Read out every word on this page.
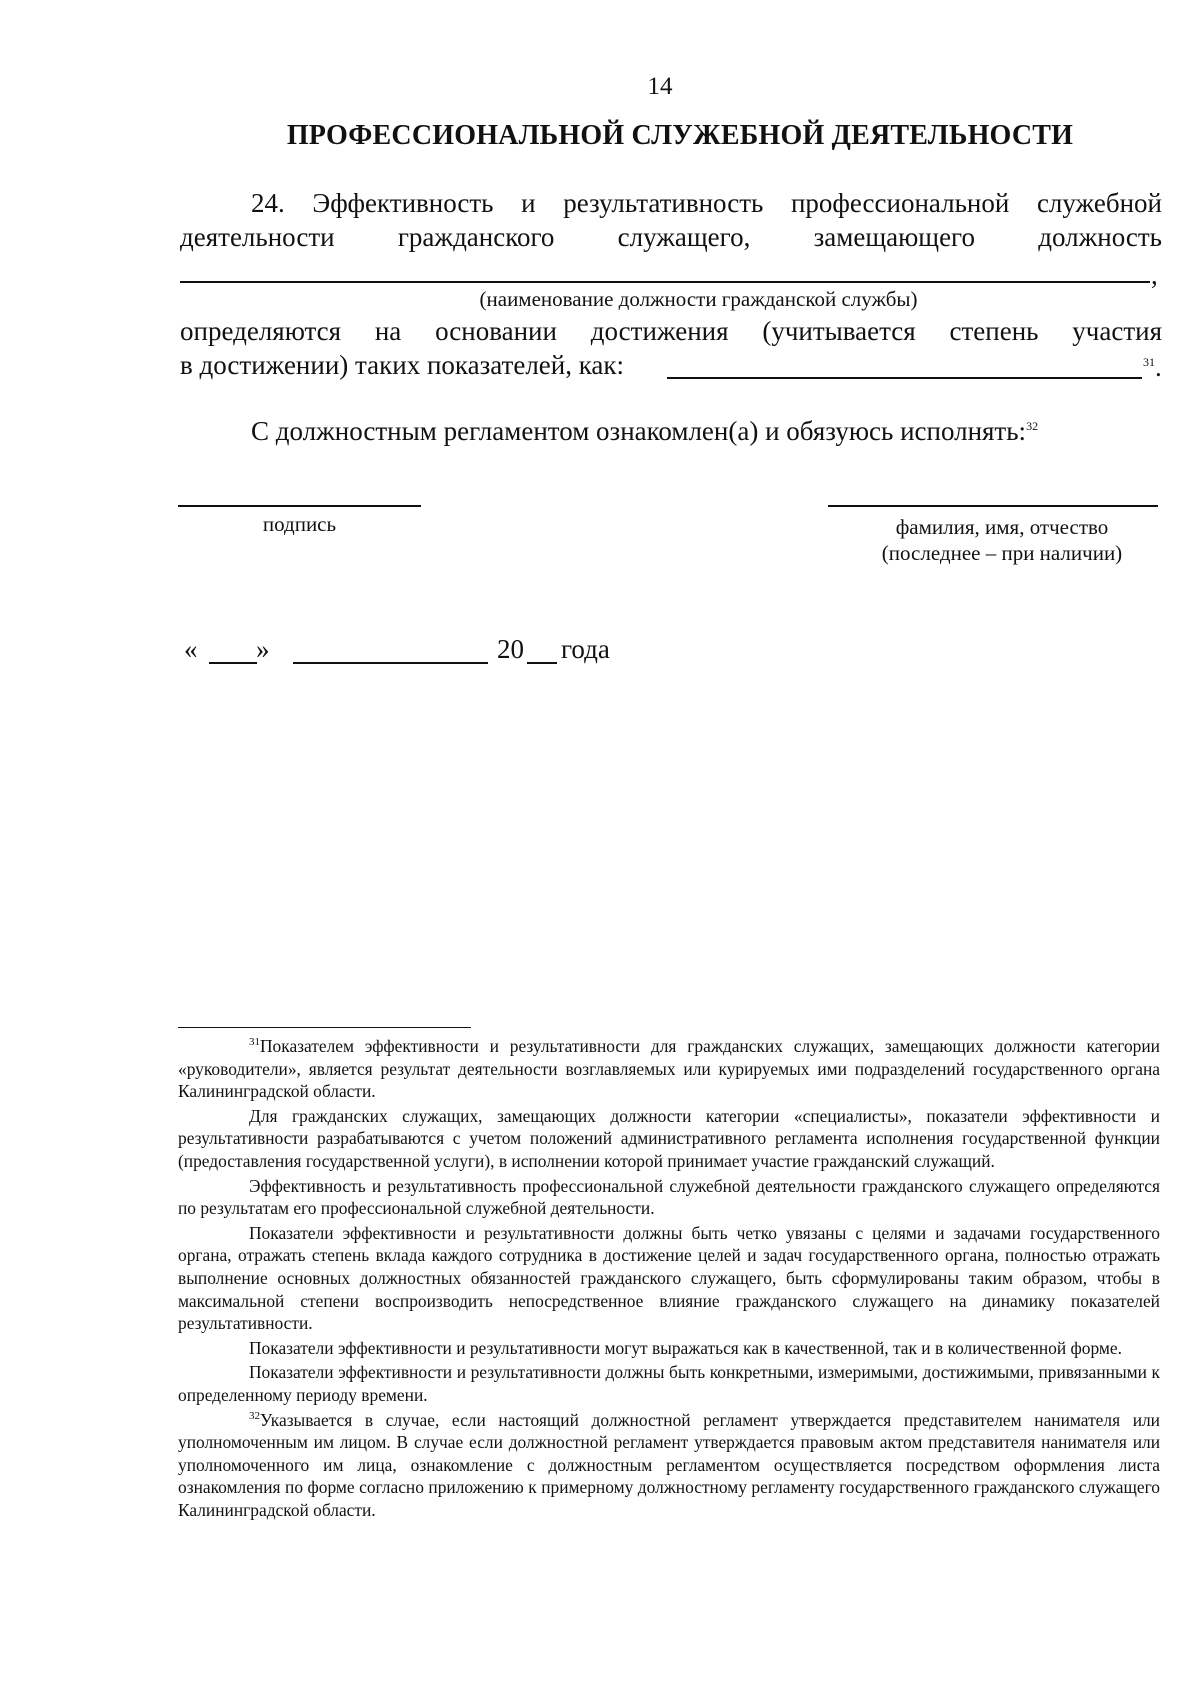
14
ПРОФЕССИОНАЛЬНОЙ СЛУЖЕБНОЙ ДЕЯТЕЛЬНОСТИ
24. Эффективность и результативность профессиональной служебной
деятельности гражданского служащего, замещающего должность
,
(наименование должности гражданской службы)
определяются на основании достижения (учитывается степень участия
в достижении) таких показателей, как:	$^{31}$.
С должностным регламентом ознакомлен(а) и обязуюсь исполнять:$^{32}$
подпись	фамилия, имя, отчество
(последнее – при наличии)
« »	20 года

$^{31}$Показателем эффективности и результативности для гражданских служащих, замещающих должности категории «руководители», является результат деятельности возглавляемых или курируемых ими подразделений государственного органа Калининградской области.

Для гражданских служащих, замещающих должности категории «специалисты», показатели эффективности и результативности разрабатываются с учетом положений административного регламента исполнения государственной функции (предоставления государственной услуги), в исполнении которой принимает участие гражданский служащий.

Эффективность и результативность профессиональной служебной деятельности гражданского служащего определяются по результатам его профессиональной служебной деятельности.

Показатели эффективности и результативности должны быть четко увязаны с целями и задачами государственного органа, отражать степень вклада каждого сотрудника в достижение целей и задач государственного органа, полностью отражать выполнение основных должностных обязанностей гражданского служащего, быть сформулированы таким образом, чтобы в максимальной степени воспроизводить непосредственное влияние гражданского служащего на динамику показателей результативности.

Показатели эффективности и результативности могут выражаться как в качественной, так и в количественной форме.

Показатели эффективности и результативности должны быть конкретными, измеримыми, достижимыми, привязанными к определенному периоду времени.

$^{32}$Указывается в случае, если настоящий должностной регламент утверждается представителем нанимателя или уполномоченным им лицом. В случае если должностной регламент утверждается правовым актом представителя нанимателя или уполномоченного им лица, ознакомление с должностным регламентом осуществляется посредством оформления листа ознакомления по форме согласно приложению к примерному должностному регламенту государственного гражданского служащего Калининградской области.
